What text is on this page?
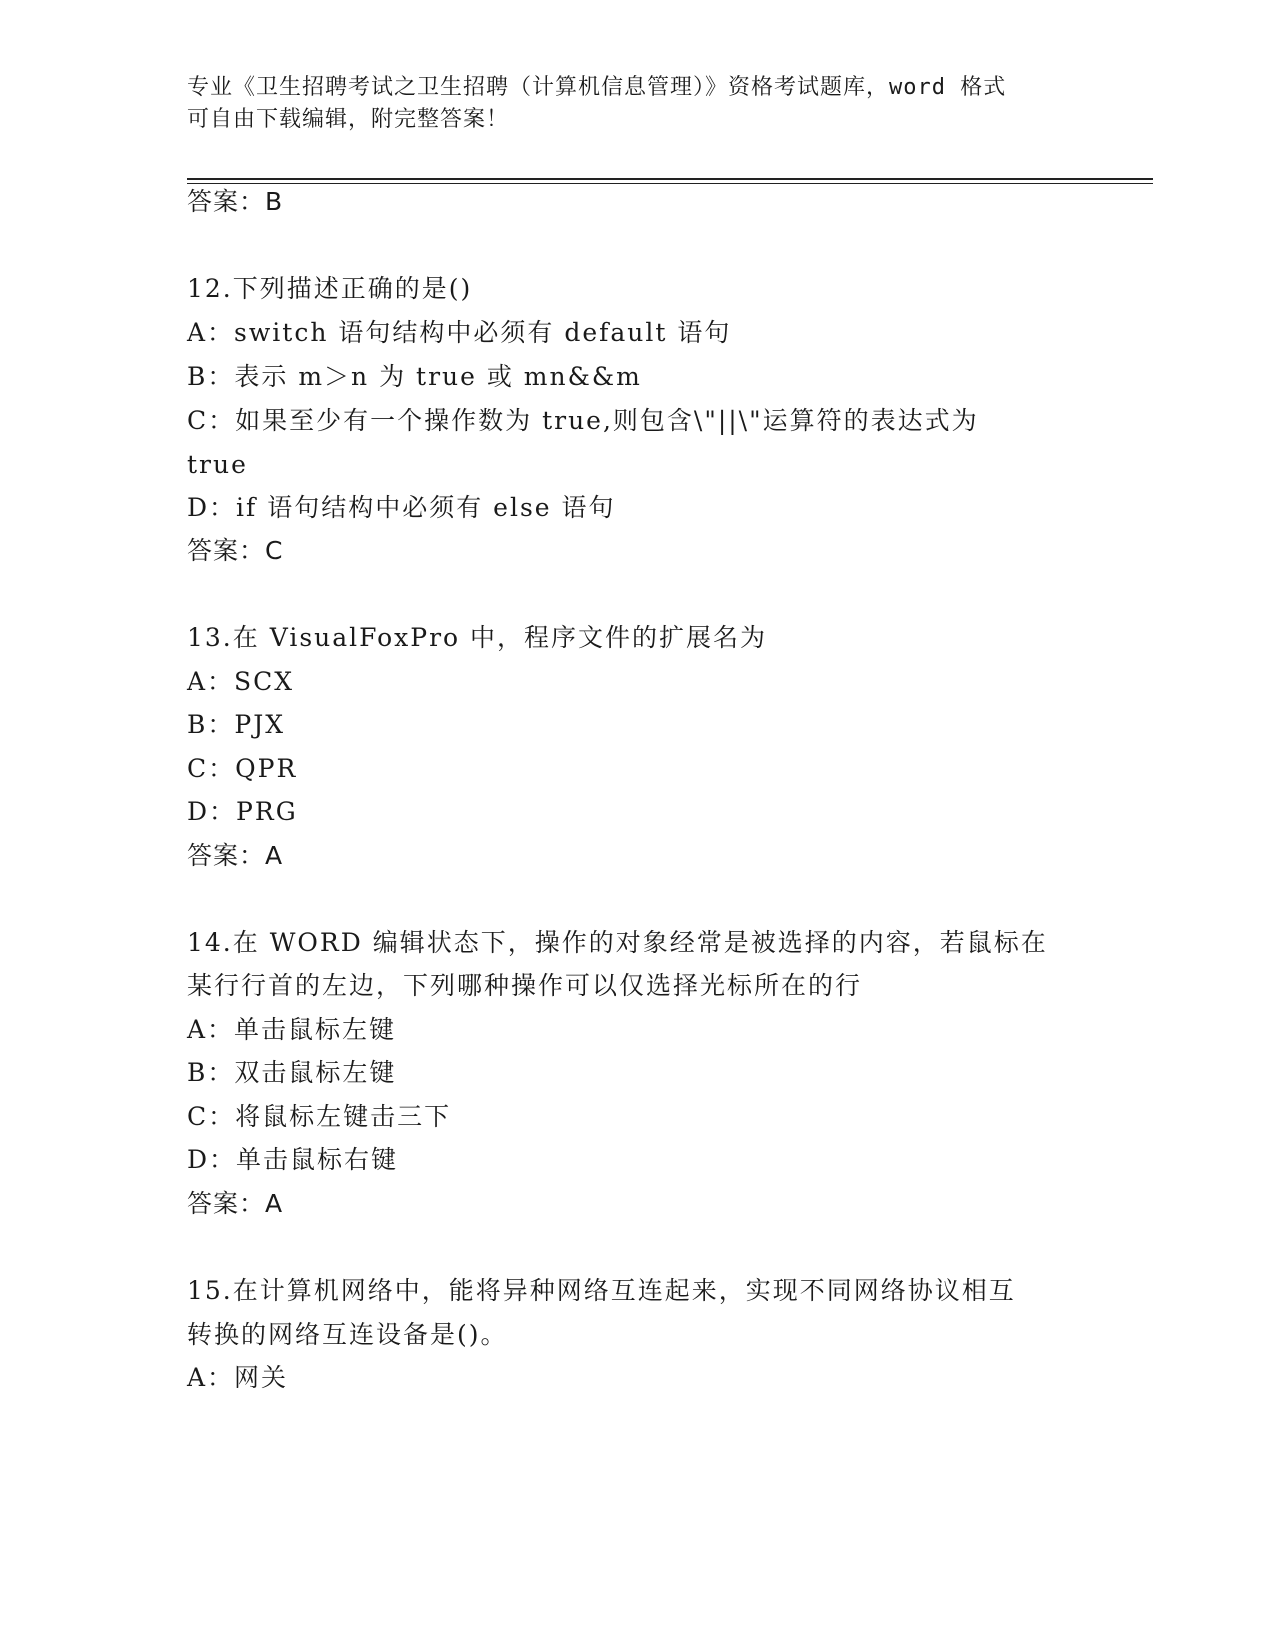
专业《卫生招聘考试之卫生招聘（计算机信息管理）》资格考试题库，word 格式
可自由下载编辑，附完整答案！
答案：B
12.下列描述正确的是()
A：switch 语句结构中必须有 default 语句
B：表示 m＞n 为 true 或 mn&&m
C：如果至少有一个操作数为 true,则包含\"||\"运算符的表达式为
true
D：if 语句结构中必须有 else 语句
答案：C
13.在 VisualFoxPro 中，程序文件的扩展名为
A：SCX
B：PJX
C：QPR
D：PRG
答案：A
14.在 WORD 编辑状态下，操作的对象经常是被选择的内容，若鼠标在
某行行首的左边，下列哪种操作可以仅选择光标所在的行
A：单击鼠标左键
B：双击鼠标左键
C：将鼠标左键击三下
D：单击鼠标右键
答案：A
15.在计算机网络中，能将异种网络互连起来，实现不同网络协议相互
转换的网络互连设备是()。
A：网关
